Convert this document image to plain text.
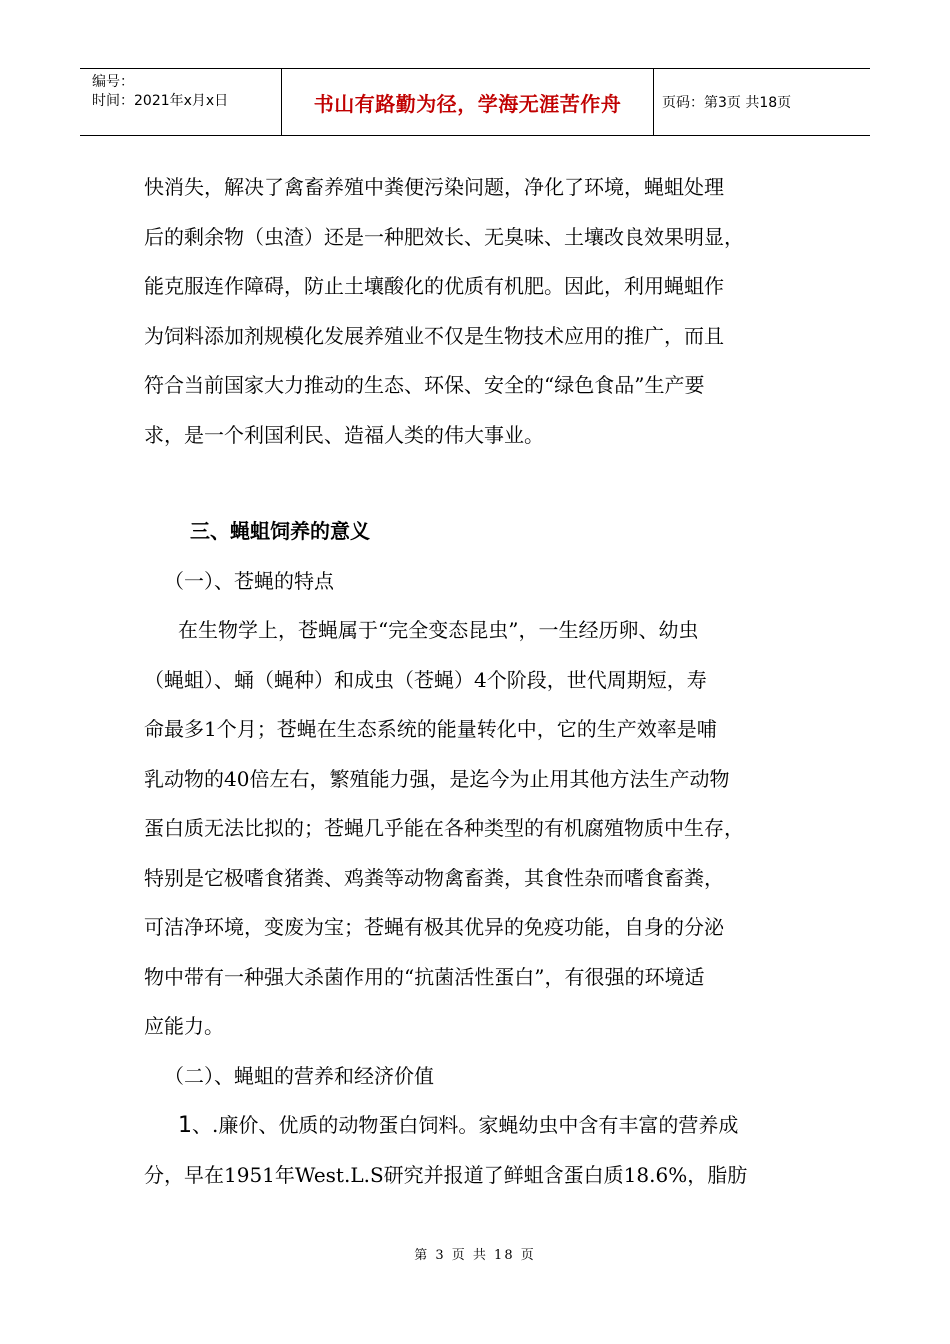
编号：
时间：2021年x月x日	书山有路勤为径，学海无涯苦作舟	页码：第3页 共18页

快消失，解决了禽畜养殖中粪便污染问题，净化了环境，蝇蛆处理

后的剩余物（虫渣）还是一种肥效长、无臭味、土壤改良效果明显，

能克服连作障碍，防止土壤酸化的优质有机肥。因此，利用蝇蛆作

为饲料添加剂规模化发展养殖业不仅是生物技术应用的推广，而且

符合当前国家大力推动的生态、环保、安全的“绿色食品”生产要

求，是一个利国利民、造福人类的伟大事业。

三、蝇蛆饲养的意义

（一）、苍蝇的特点

在生物学上，苍蝇属于“完全变态昆虫”，一生经历卵、幼虫

（蝇蛆）、蛹（蝇种）和成虫（苍蝇）4个阶段，世代周期短，寿

命最多1个月；苍蝇在生态系统的能量转化中，它的生产效率是哺

乳动物的40倍左右，繁殖能力强，是迄今为止用其他方法生产动物

蛋白质无法比拟的；苍蝇几乎能在各种类型的有机腐殖物质中生存，

特别是它极嗜食猪粪、鸡粪等动物禽畜粪，其食性杂而嗜食畜粪，

可洁净环境，变废为宝；苍蝇有极其优异的免疫功能，自身的分泌

物中带有一种强大杀菌作用的“抗菌活性蛋白”，有很强的环境适

应能力。

（二）、蝇蛆的营养和经济价值

1、.廉价、优质的动物蛋白饲料。家蝇幼虫中含有丰富的营养成

分，早在1951年West.L.S研究并报道了鲜蛆含蛋白质18.6%，脂肪

第 3 页 共 18 页
